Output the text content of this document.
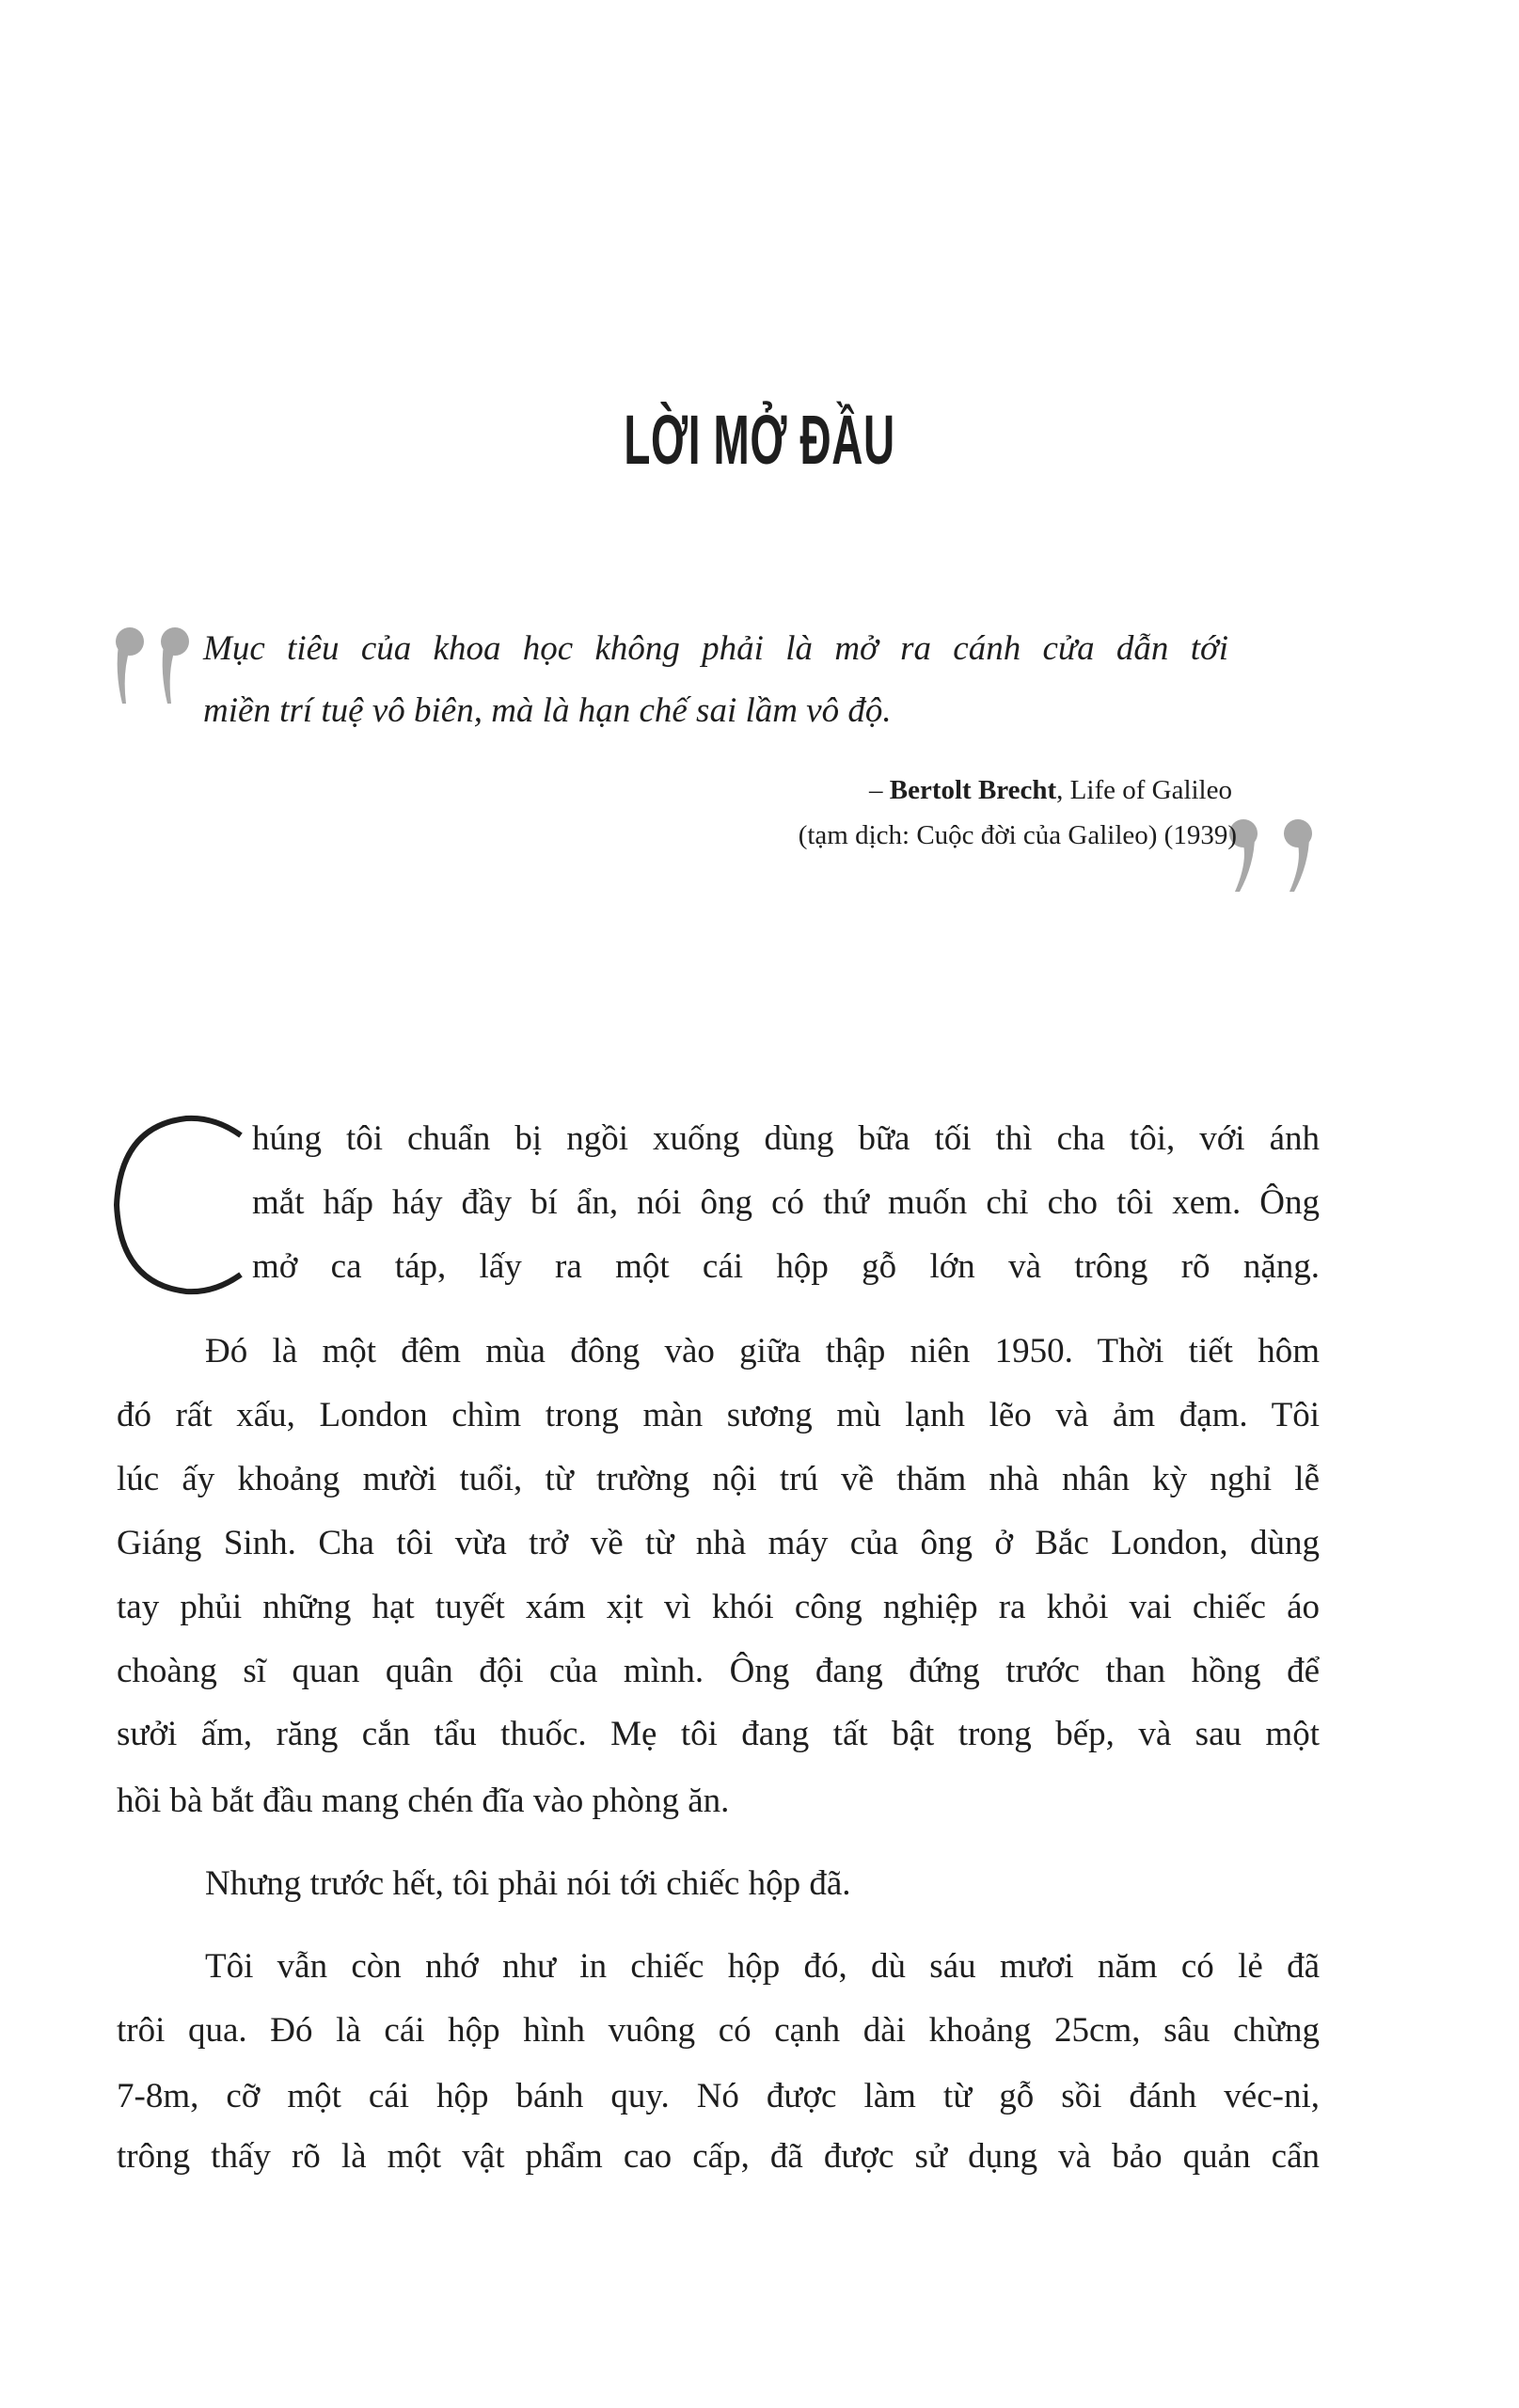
LỜI MỞ ĐẦU
Mục tiêu của khoa học không phải là mở ra cánh cửa dẫn tới
miền trí tuệ vô biên, mà là hạn chế sai lầm vô độ.
– Bertolt Brecht, Life of Galileo
(tạm dịch: Cuộc đời của Galileo) (1939)
C
húng tôi chuẩn bị ngồi xuống dùng bữa tối thì cha tôi, với ánh
mắt hấp háy đầy bí ẩn, nói ông có thứ muốn chỉ cho tôi xem. Ông
mở ca táp, lấy ra một cái hộp gỗ lớn và trông rõ nặng.
Đó là một đêm mùa đông vào giữa thập niên 1950. Thời tiết hôm
đó rất xấu, London chìm trong màn sương mù lạnh lẽo và ảm đạm. Tôi
lúc ấy khoảng mười tuổi, từ trường nội trú về thăm nhà nhân kỳ nghỉ lễ
Giáng Sinh. Cha tôi vừa trở về từ nhà máy của ông ở Bắc London, dùng
tay phủi những hạt tuyết xám xịt vì khói công nghiệp ra khỏi vai chiếc áo
choàng sĩ quan quân đội của mình. Ông đang đứng trước than hồng để
sưởi ấm, răng cắn tẩu thuốc. Mẹ tôi đang tất bật trong bếp, và sau một
hồi bà bắt đầu mang chén đĩa vào phòng ăn.
Nhưng trước hết, tôi phải nói tới chiếc hộp đã.
Tôi vẫn còn nhớ như in chiếc hộp đó, dù sáu mươi năm có lẻ đã
trôi qua. Đó là cái hộp hình vuông có cạnh dài khoảng 25cm, sâu chừng
7-8m, cỡ một cái hộp bánh quy. Nó được làm từ gỗ sồi đánh véc-ni,
trông thấy rõ là một vật phẩm cao cấp, đã được sử dụng và bảo quản cẩn
